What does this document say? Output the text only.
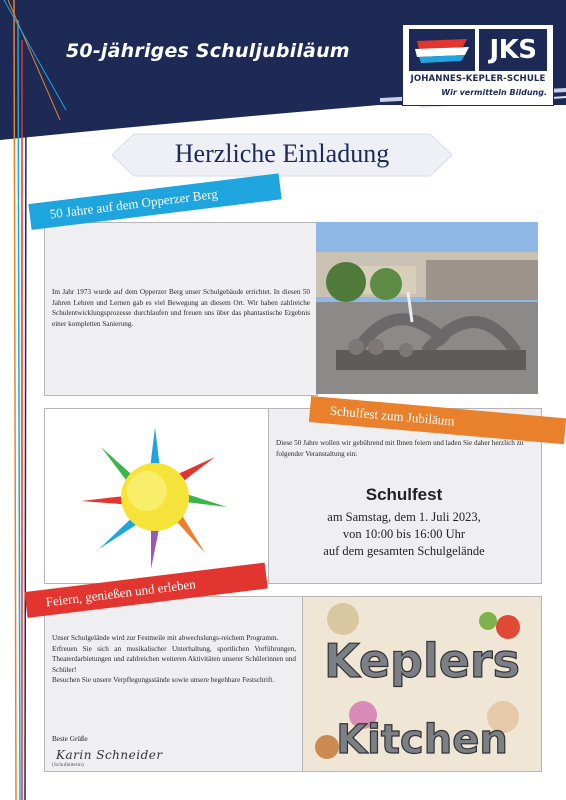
50-jähriges Schuljubiläum	JKS
JOHANNES-KEPLER-SCHULE
Wir vermitteln Bildung.
Herzliche Einladung
50 Jahre auf dem Opperzer Berg
Im Jahr 1973 wurde auf dem Opperzer Berg unser Schulgebäude errichtet. In diesen 50 Jahren Lehren und Lernen gab es viel Bewegung an diesem Ort. Wir haben zahlreiche Schulentwicklungsprozesse durchlaufen und freuen uns über das phantastische Ergebnis einer kompletten Sanierung.
Schulfest zum Jubiläum
Diese 50 Jahre wollen wir gebührend mit Ihnen feiern und laden Sie daher herzlich zu folgender Veranstaltung ein:
Schulfest
am Samstag, dem 1. Juli 2023,
von 10:00 bis 16:00 Uhr
auf dem gesamten Schulgelände
Feiern, genießen und erleben
Unser Schulgelände wird zur Festmeile mit abwechslungs-reichem Programm.
Erfreuen Sie sich an musikalischer Unterhaltung, sportlichen Vorführungen, Theaterdarbietungen und zahlreichen weiteren Aktivitäten unserer Schülerinnen und Schüler!
Besuchen Sie unsere Verpflegungsstände sowie unsere begehbare Festschrift.
Beste Grüße
Karin Schneider
(Schulleiterin)
Keplers
Kitchen
